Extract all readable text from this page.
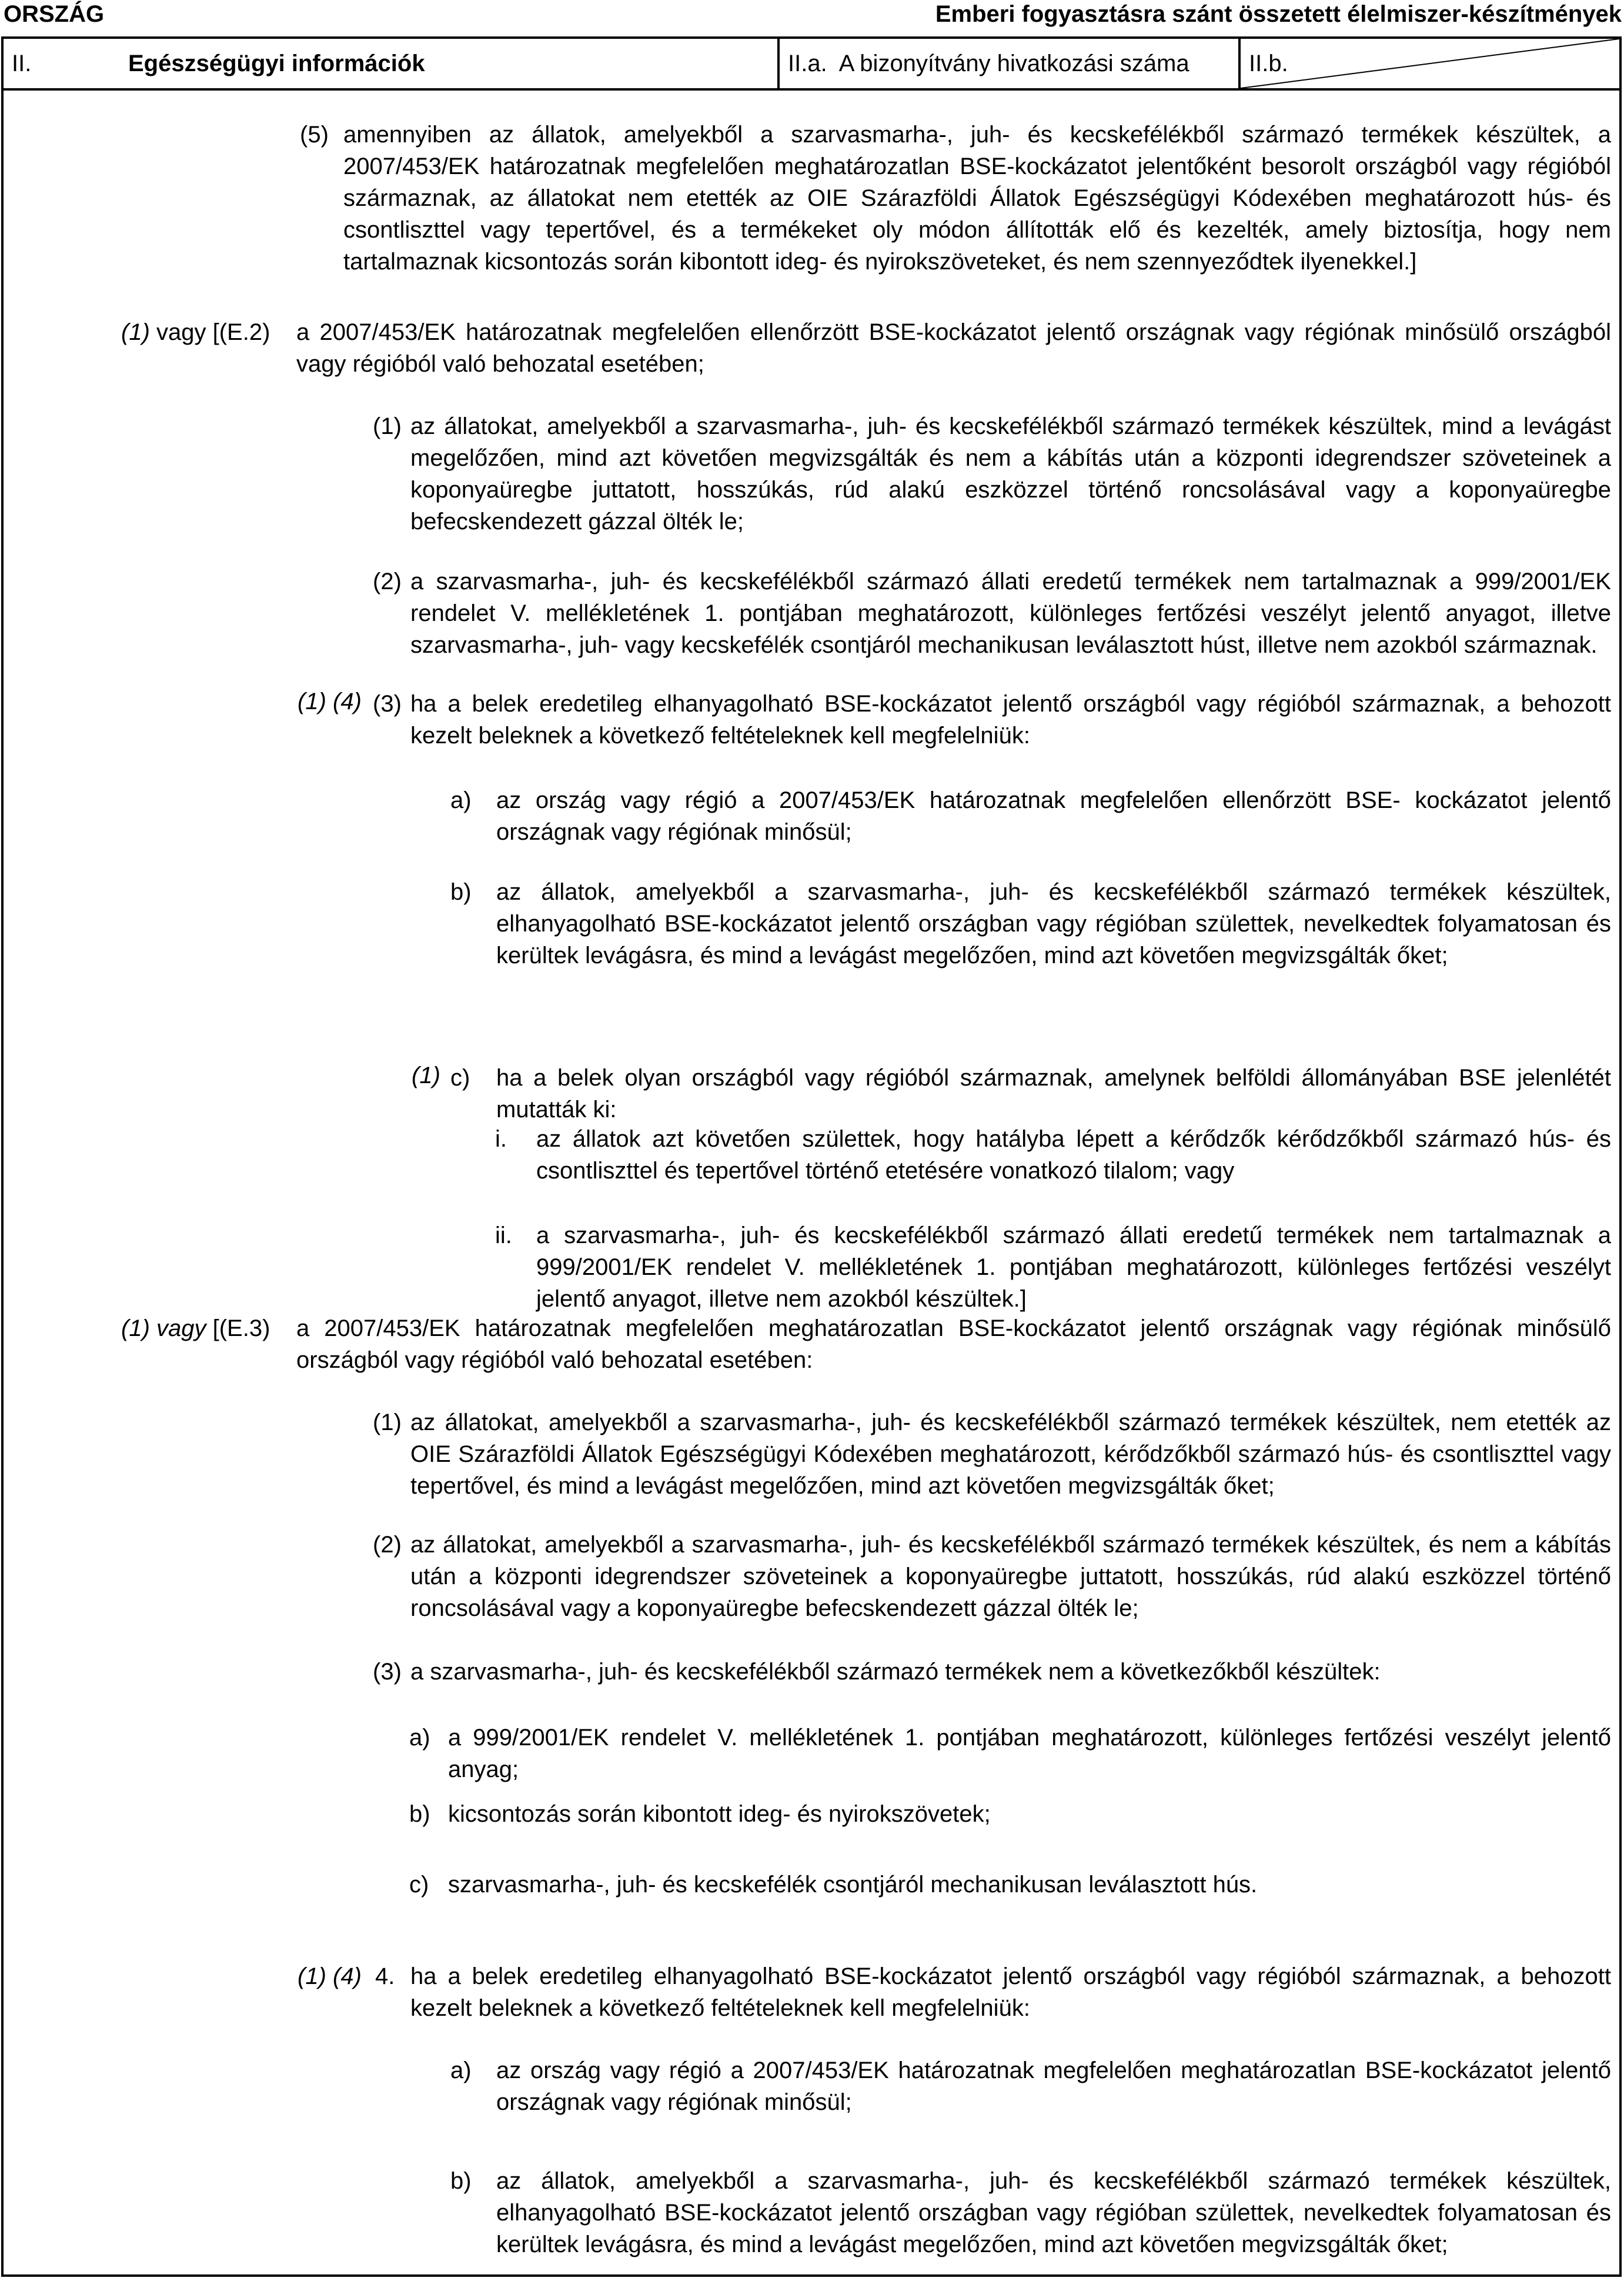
ORSZÁG	Emberi fogyasztásra szánt összetett élelmiszer-készítmények
II.	Egészségügyi információk	II.a.  A bizonyítvány hivatkozási száma	II.b.
(5) amennyiben az állatok, amelyekből a szarvasmarha-, juh- és kecskefélékből származó termékek készültek, a 2007/453/EK határozatnak megfelelően meghatározatlan BSE-kockázatot jelentőként besorolt országból vagy régióból származnak, az állatokat nem etették az OIE Szárazföldi Állatok Egészségügyi Kódexében meghatározott hús- és csontliszttel vagy tepertővel, és a termékeket oly módon állították elő és kezelték, amely biztosítja, hogy nem tartalmaznak kicsontozás során kibontott ideg- és nyirokszöveteket, és nem szennyeződtek ilyenekkel.]
(1) vagy [(E.2) a 2007/453/EK határozatnak megfelelően ellenőrzött BSE-kockázatot jelentő országnak vagy régiónak minősülő országból vagy régióból való behozatal esetében;
(1) az állatokat, amelyekből a szarvasmarha-, juh- és kecskefélékből származó termékek készültek, mind a levágást megelőzően, mind azt követően megvizsgálták és nem a kábítás után a központi idegrendszer szöveteinek a koponyaüregbe juttatott, hosszúkás, rúd alakú eszközzel történő roncsolásával vagy a koponyaüregbe befecskendezett gázzal ölték le;
(2) a szarvasmarha-, juh- és kecskefélékből származó állati eredetű termékek nem tartalmaznak a 999/2001/EK rendelet V. mellékletének 1. pontjában meghatározott, különleges fertőzési veszélyt jelentő anyagot, illetve szarvasmarha-, juh- vagy kecskefélék csontjáról mechanikusan leválasztott húst, illetve nem azokból származnak.
(1) (4) (3) ha a belek eredetileg elhanyagolható BSE-kockázatot jelentő országból vagy régióból származnak, a behozott kezelt beleknek a következő feltételeknek kell megfelelniük:
a) az ország vagy régió a 2007/453/EK határozatnak megfelelően ellenőrzött BSE- kockázatot jelentő országnak vagy régiónak minősül;
b) az állatok, amelyekből a szarvasmarha-, juh- és kecskefélékből származó termékek készültek, elhanyagolható BSE-kockázatot jelentő országban vagy régióban születtek, nevelkedtek folyamatosan és kerültek levágásra, és mind a levágást megelőzően, mind azt követően megvizsgálták őket;
(1) c) ha a belek olyan országból vagy régióból származnak, amelynek belföldi állományában BSE jelenlétét mutatták ki:
i. az állatok azt követően születtek, hogy hatályba lépett a kérődzők kérődzőkből származó hús- és csontliszttel és tepertővel történő etetésére vonatkozó tilalom; vagy
ii. a szarvasmarha-, juh- és kecskefélékből származó állati eredetű termékek nem tartalmaznak a 999/2001/EK rendelet V. mellékletének 1. pontjában meghatározott, különleges fertőzési veszélyt jelentő anyagot, illetve nem azokból készültek.]
(1) vagy [(E.3) a 2007/453/EK határozatnak megfelelően meghatározatlan BSE-kockázatot jelentő országnak vagy régiónak minősülő országból vagy régióból való behozatal esetében:
(1) az állatokat, amelyekből a szarvasmarha-, juh- és kecskefélékből származó termékek készültek, nem etették az OIE Szárazföldi Állatok Egészségügyi Kódexében meghatározott, kérődzőkből származó hús- és csontliszttel vagy tepertővel, és mind a levágást megelőzően, mind azt követően megvizsgálták őket;
(2) az állatokat, amelyekből a szarvasmarha-, juh- és kecskefélékből származó termékek készültek, és nem a kábítás után a központi idegrendszer szöveteinek a koponyaüregbe juttatott, hosszúkás, rúd alakú eszközzel történő roncsolásával vagy a koponyaüregbe befecskendezett gázzal ölték le;
(3) a szarvasmarha-, juh- és kecskefélékből származó termékek nem a következőkből készültek:
a) a 999/2001/EK rendelet V. mellékletének 1. pontjában meghatározott, különleges fertőzési veszélyt jelentő anyag;
b) kicsontozás során kibontott ideg- és nyirokszövetek;
c) szarvasmarha-, juh- és kecskefélék csontjáról mechanikusan leválasztott hús.
(1) (4) 4. ha a belek eredetileg elhanyagolható BSE-kockázatot jelentő országból vagy régióból származnak, a behozott kezelt beleknek a következő feltételeknek kell megfelelniük:
a) az ország vagy régió a 2007/453/EK határozatnak megfelelően meghatározatlan BSE-kockázatot jelentő országnak vagy régiónak minősül;
b) az állatok, amelyekből a szarvasmarha-, juh- és kecskefélékből származó termékek készültek, elhanyagolható BSE-kockázatot jelentő országban vagy régióban születtek, nevelkedtek folyamatosan és kerültek levágásra, és mind a levágást megelőzően, mind azt követően megvizsgálták őket;
